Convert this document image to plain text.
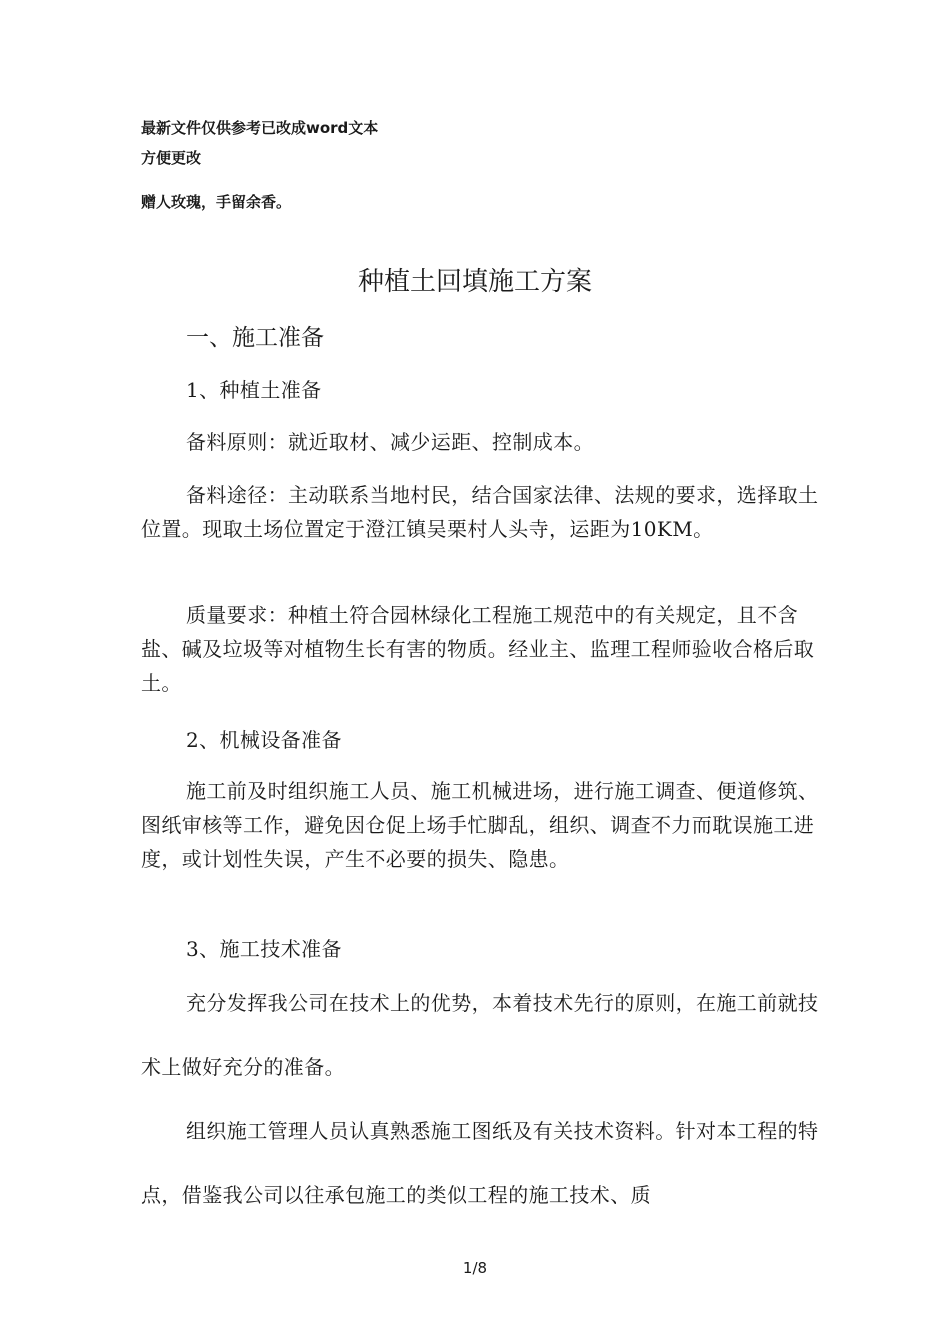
最新文件仅供参考已改成word文本
方便更改
赠人玫瑰，手留余香。
种植土回填施工方案
一、施工准备
1、种植土准备
备料原则：就近取材、减少运距、控制成本。
备料途径：主动联系当地村民，结合国家法律、法规的要求，选择取土位置。现取土场位置定于澄江镇吴栗村人头寺，运距为10KM。
质量要求：种植土符合园林绿化工程施工规范中的有关规定，且不含盐、碱及垃圾等对植物生长有害的物质。经业主、监理工程师验收合格后取土。
2、机械设备准备
施工前及时组织施工人员、施工机械进场，进行施工调查、便道修筑、图纸审核等工作，避免因仓促上场手忙脚乱，组织、调查不力而耽误施工进度，或计划性失误，产生不必要的损失、隐患。
3、施工技术准备
充分发挥我公司在技术上的优势，本着技术先行的原则，在施工前就技术上做好充分的准备。
组织施工管理人员认真熟悉施工图纸及有关技术资料。针对本工程的特点，借鉴我公司以往承包施工的类似工程的施工技术、质
1/8
